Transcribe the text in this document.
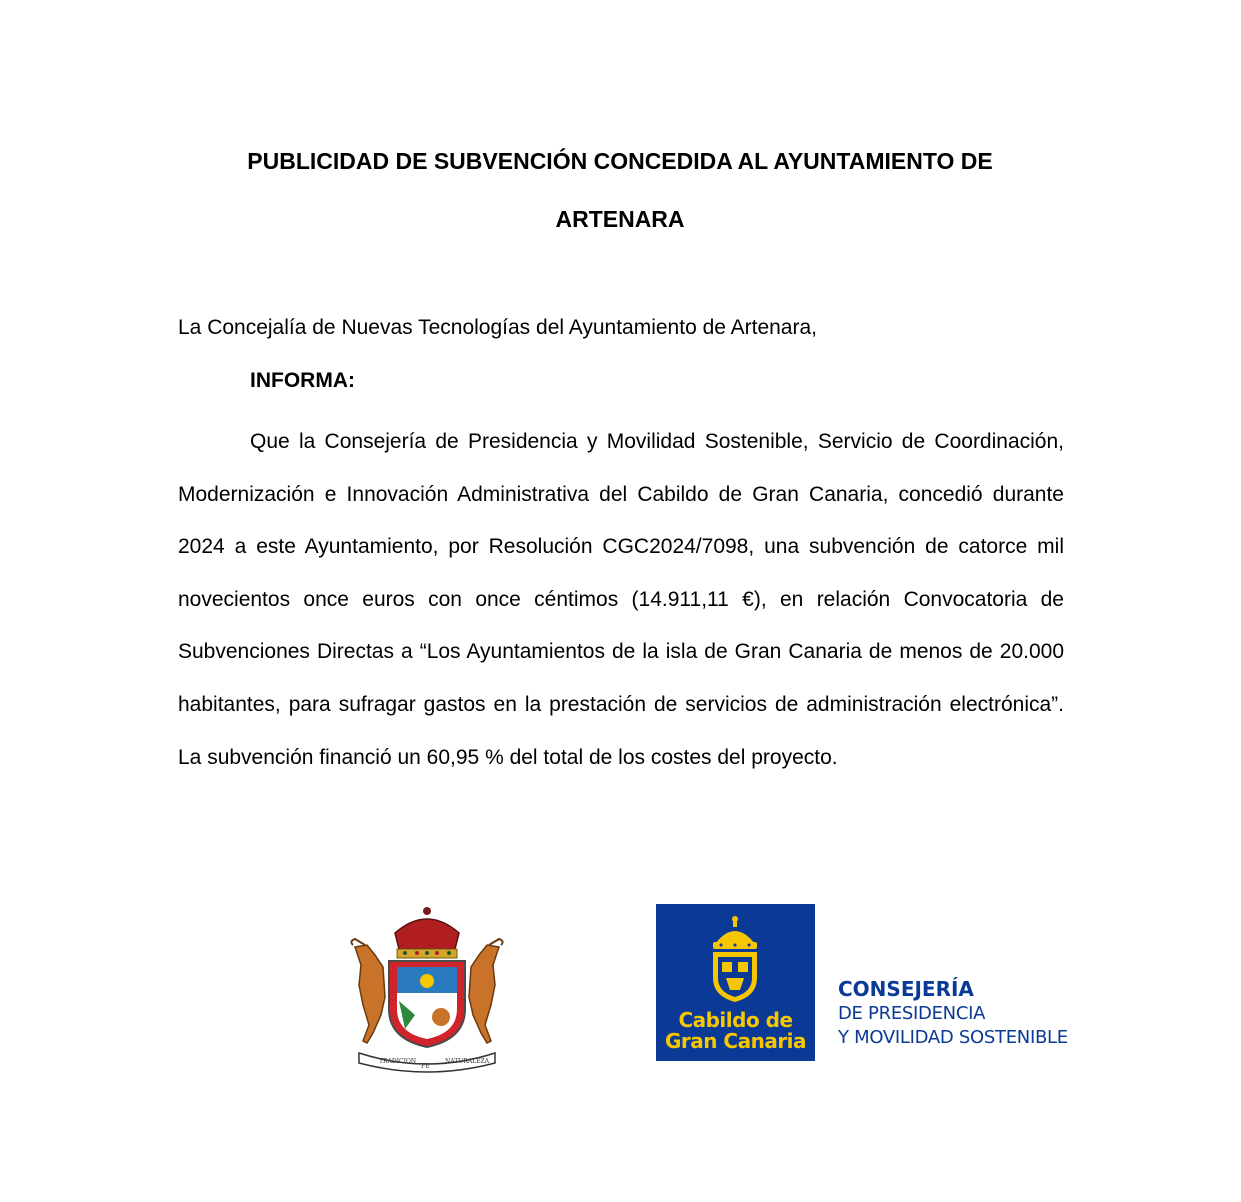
PUBLICIDAD DE SUBVENCIÓN CONCEDIDA AL AYUNTAMIENTO DE
ARTENARA

La Concejalía de Nuevas Tecnologías del Ayuntamiento de Artenara,

INFORMA:

Que la Consejería de Presidencia y Movilidad Sostenible, Servicio de Coordinación, Modernización e Innovación Administrativa del Cabildo de Gran Canaria, concedió durante 2024 a este Ayuntamiento, por Resolución CGC2024/7098, una subvención de catorce mil novecientos once euros con once céntimos (14.911,11 €), en relación Convocatoria de Subvenciones Directas a “Los Ayuntamientos de la isla de Gran Canaria de menos de 20.000 habitantes, para sufragar gastos en la prestación de servicios de administración electrónica”. La subvención financió un 60,95 % del total de los costes del proyecto.

TRADICION
FE
NATURALEZA
Cabildo de
Gran Canaria
CONSEJERÍA
DE PRESIDENCIA
Y MOVILIDAD SOSTENIBLE
